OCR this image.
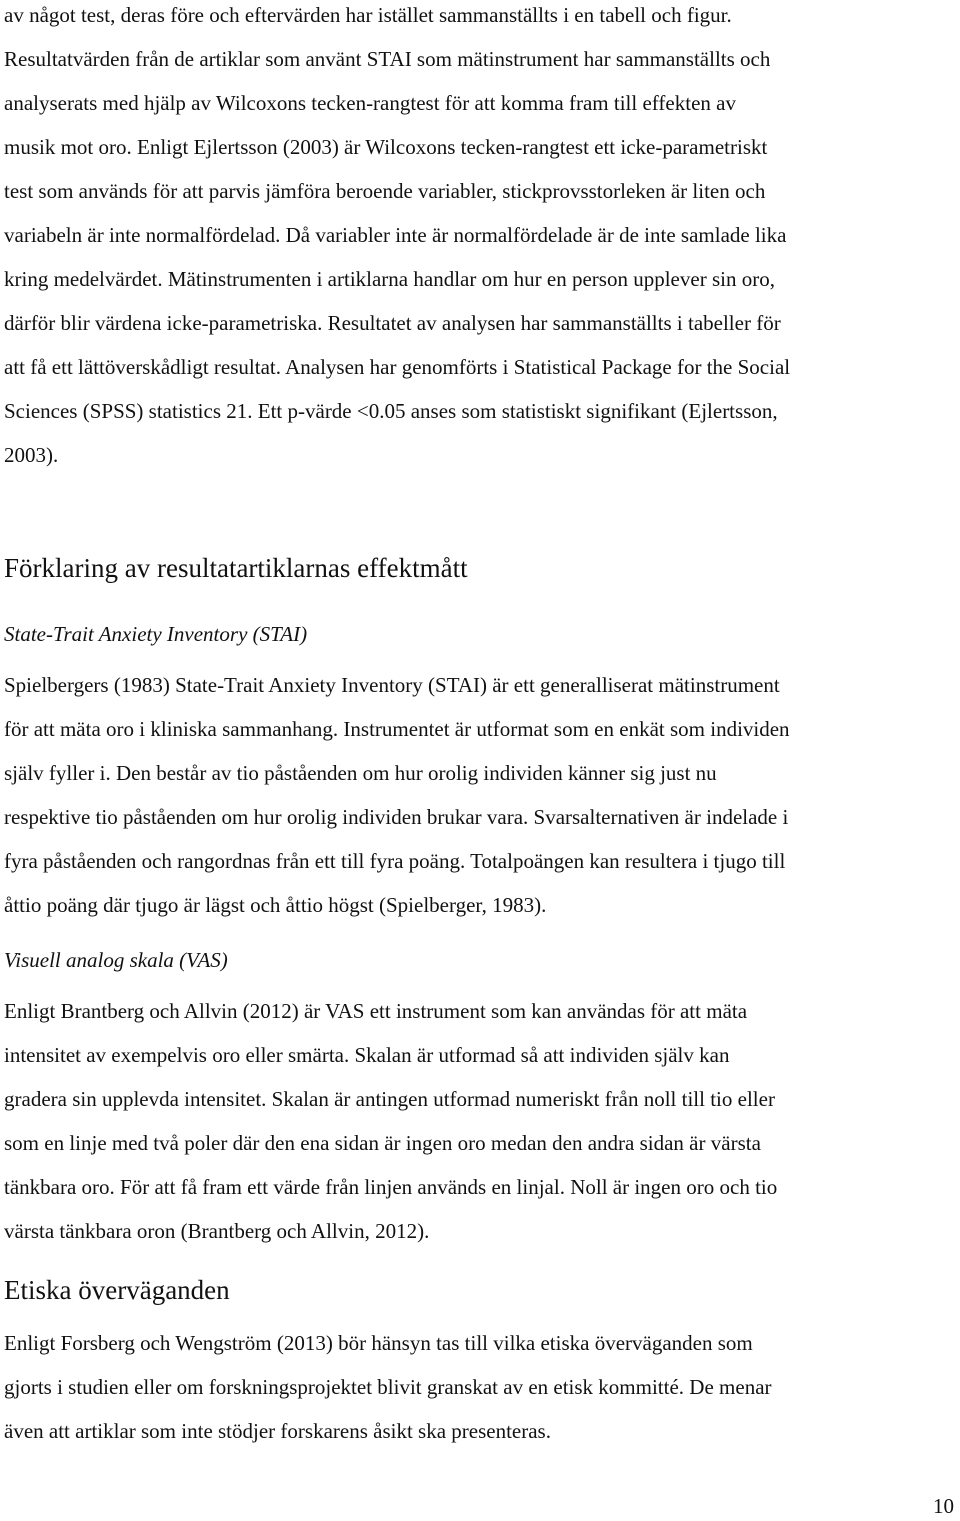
av något test, deras före och eftervärden har istället sammanställts i en tabell och figur.
Resultatvärden från de artiklar som använt STAI som mätinstrument har sammanställts och
analyserats med hjälp av Wilcoxons tecken-rangtest för att komma fram till effekten av
musik mot oro. Enligt Ejlertsson (2003) är Wilcoxons tecken-rangtest ett icke-parametriskt
test som används för att parvis jämföra beroende variabler, stickprovsstorleken är liten och
variabeln är inte normalfördelad. Då variabler inte är normalfördelade är de inte samlade lika
kring medelvärdet. Mätinstrumenten i artiklarna handlar om hur en person upplever sin oro,
därför blir värdena icke-parametriska. Resultatet av analysen har sammanställts i tabeller för
att få ett lättöverskådligt resultat. Analysen har genomförts i Statistical Package for the Social
Sciences (SPSS) statistics 21. Ett p-värde <0.05 anses som statistiskt signifikant (Ejlertsson,
2003).

Förklaring av resultatartiklarnas effektmått
State-Trait Anxiety Inventory (STAI)

Spielbergers (1983) State-Trait Anxiety Inventory (STAI) är ett generalliserat mätinstrument
för att mäta oro i kliniska sammanhang. Instrumentet är utformat som en enkät som individen
själv fyller i. Den består av tio påståenden om hur orolig individen känner sig just nu
respektive tio påståenden om hur orolig individen brukar vara. Svarsalternativen är indelade i
fyra påståenden och rangordnas från ett till fyra poäng. Totalpoängen kan resultera i tjugo till
åttio poäng där tjugo är lägst och åttio högst (Spielberger, 1983).

Visuell analog skala (VAS)

Enligt Brantberg och Allvin (2012) är VAS ett instrument som kan användas för att mäta
intensitet av exempelvis oro eller smärta. Skalan är utformad så att individen själv kan
gradera sin upplevda intensitet. Skalan är antingen utformad numeriskt från noll till tio eller
som en linje med två poler där den ena sidan är ingen oro medan den andra sidan är värsta
tänkbara oro. För att få fram ett värde från linjen används en linjal. Noll är ingen oro och tio
värsta tänkbara oron (Brantberg och Allvin, 2012).

Etiska överväganden

Enligt Forsberg och Wengström (2013) bör hänsyn tas till vilka etiska överväganden som
gjorts i studien eller om forskningsprojektet blivit granskat av en etisk kommitté. De menar
även att artiklar som inte stödjer forskarens åsikt ska presenteras.

10
